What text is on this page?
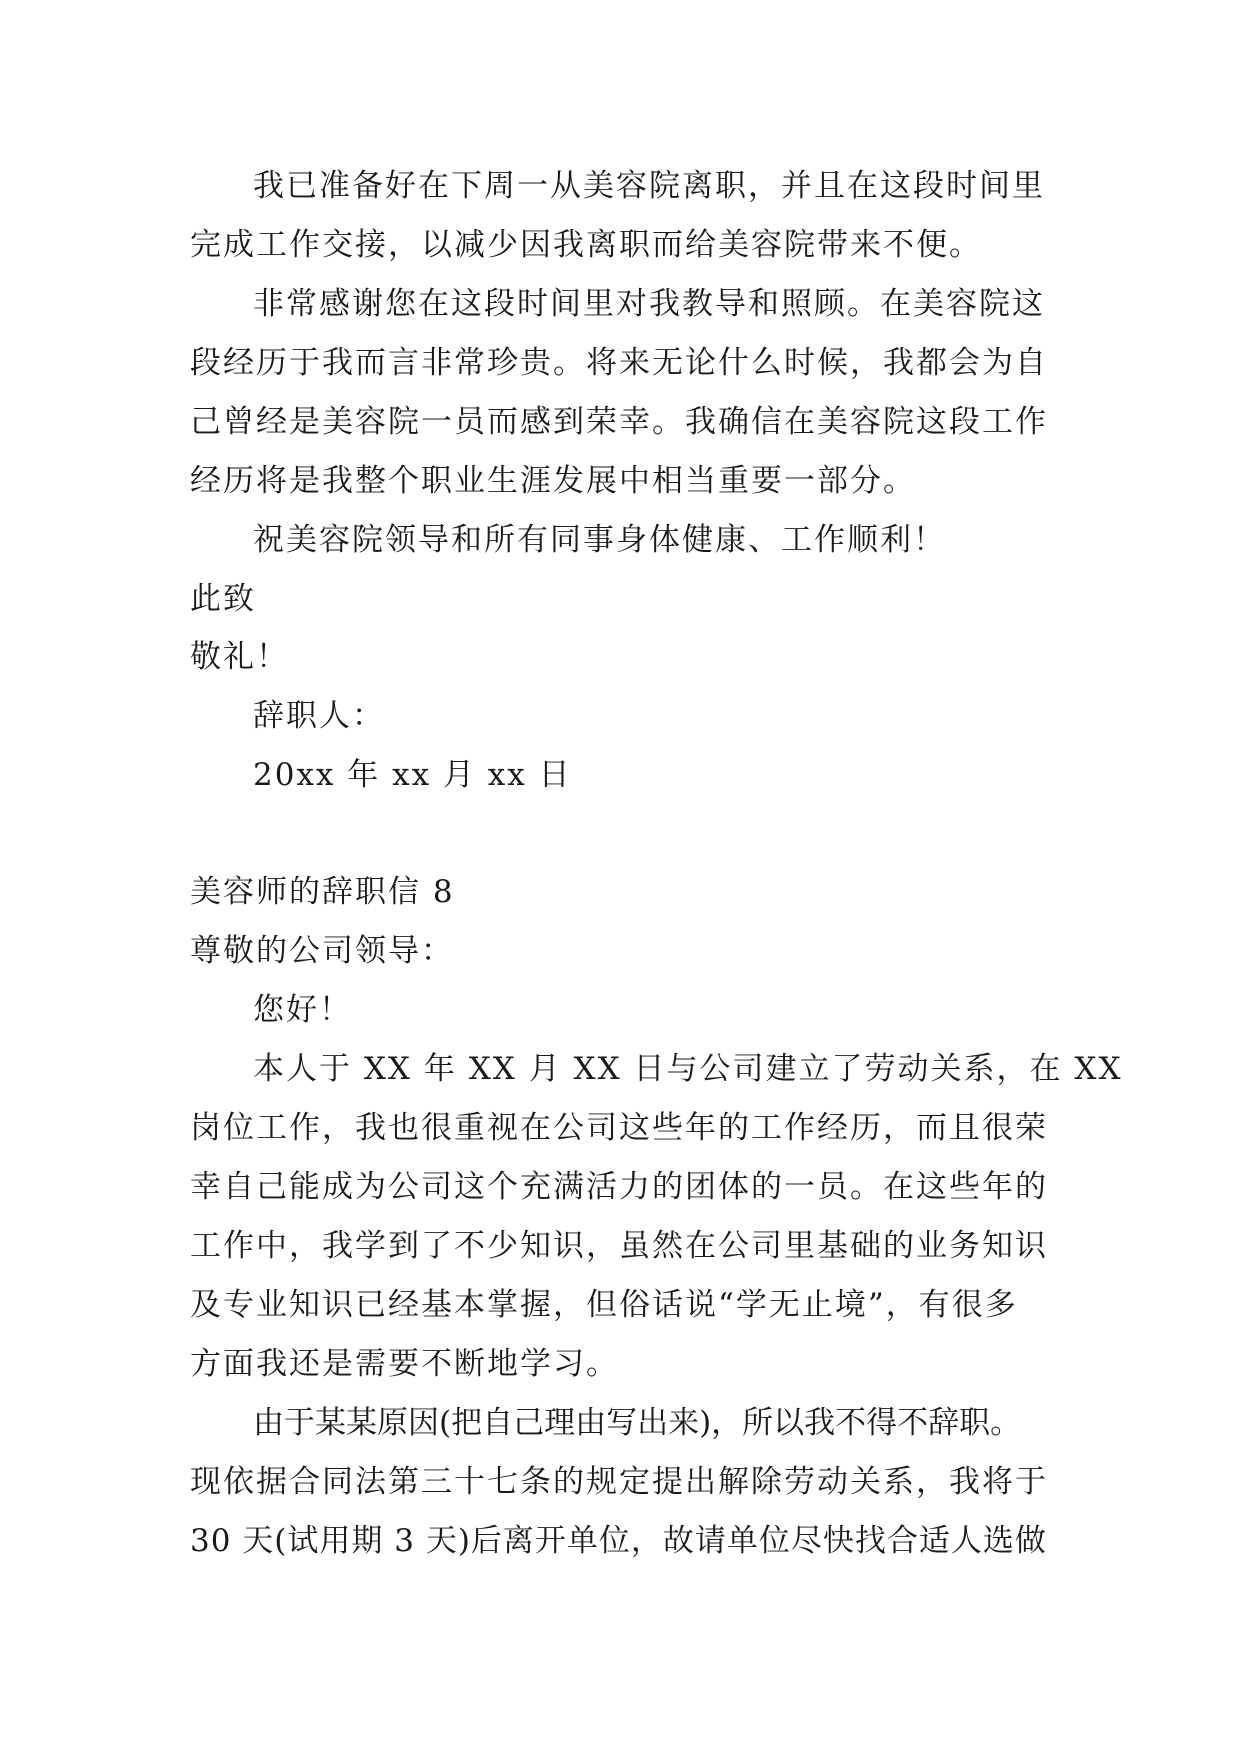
我已准备好在下周一从美容院离职，并且在这段时间里
完成工作交接，以减少因我离职而给美容院带来不便。
非常感谢您在这段时间里对我教导和照顾。在美容院这
段经历于我而言非常珍贵。将来无论什么时候，我都会为自
己曾经是美容院一员而感到荣幸。我确信在美容院这段工作
经历将是我整个职业生涯发展中相当重要一部分。
祝美容院领导和所有同事身体健康、工作顺利！
此致
敬礼！
辞职人：
20xx 年 xx 月 xx 日
美容师的辞职信 8
尊敬的公司领导：
您好！
本人于 XX 年 XX 月 XX 日与公司建立了劳动关系，在 XX
岗位工作，我也很重视在公司这些年的工作经历，而且很荣
幸自己能成为公司这个充满活力的团体的一员。在这些年的
工作中，我学到了不少知识，虽然在公司里基础的业务知识
及专业知识已经基本掌握，但俗话说“学无止境”，有很多
方面我还是需要不断地学习。
由于某某原因(把自己理由写出来)，所以我不得不辞职。
现依据合同法第三十七条的规定提出解除劳动关系，我将于
30 天(试用期 3 天)后离开单位，故请单位尽快找合适人选做
